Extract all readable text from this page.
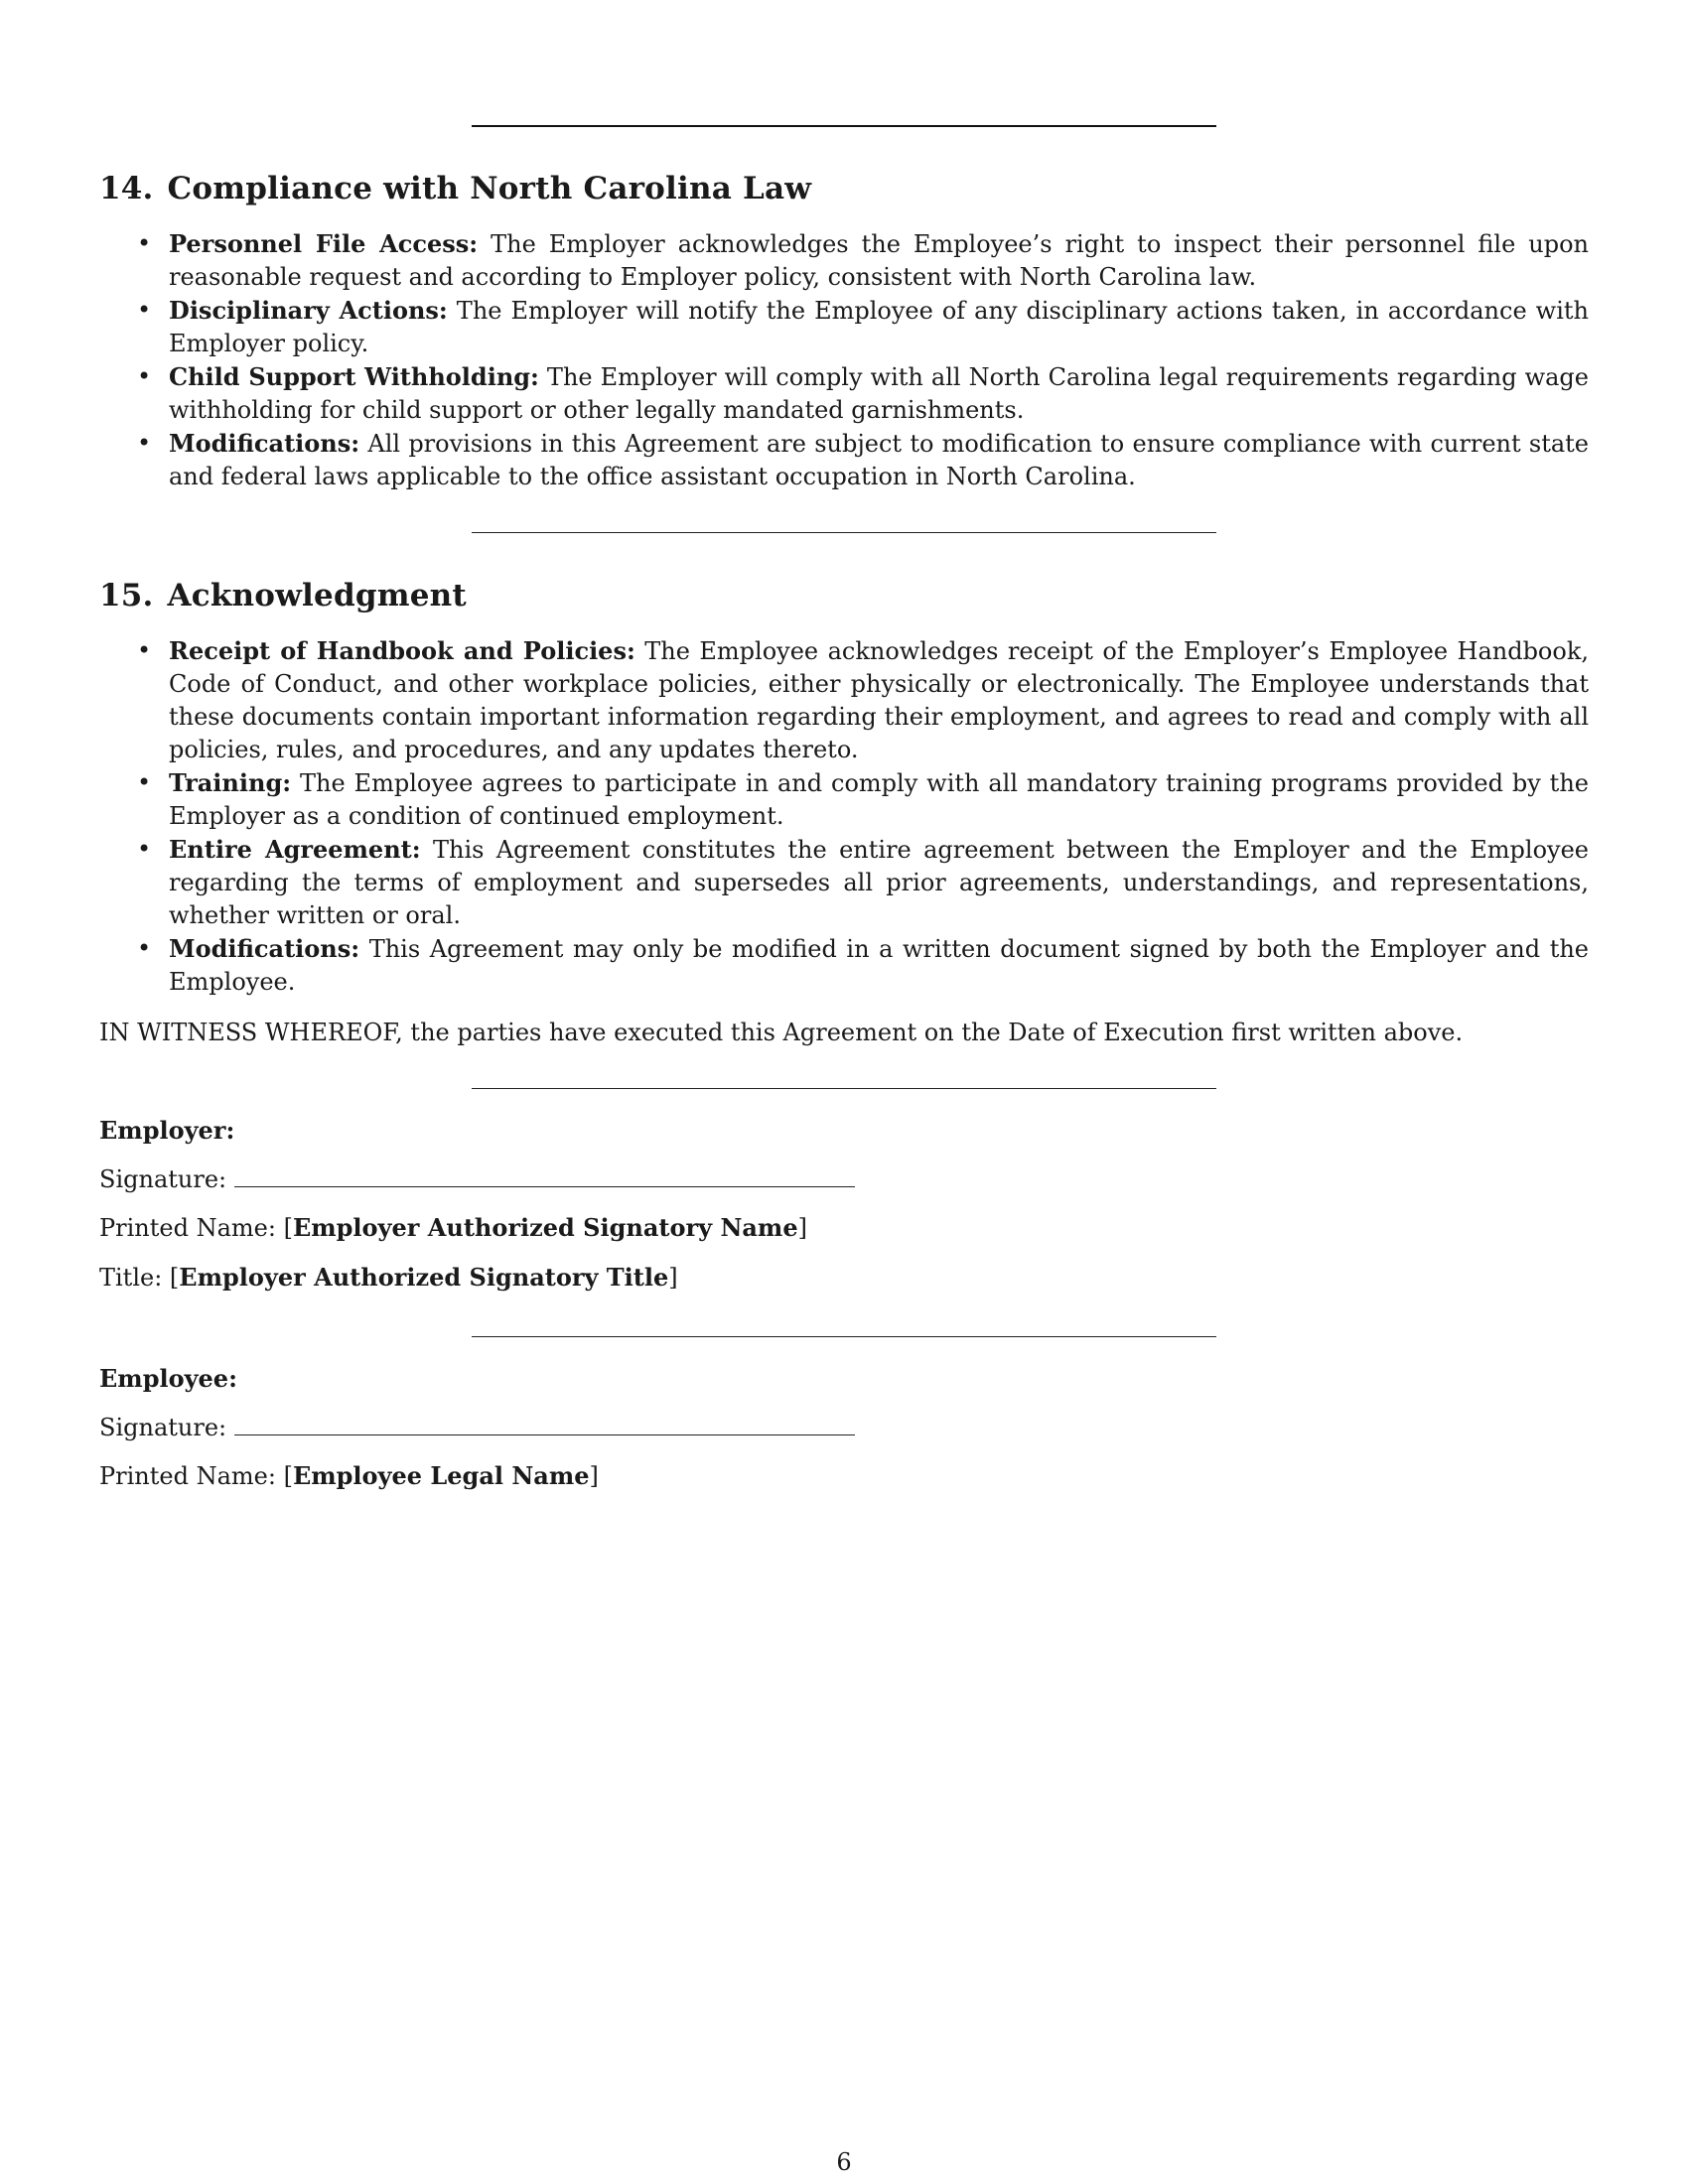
14. Compliance with North Carolina Law
• Personnel File Access: The Employer acknowledges the Employee’s right to inspect their personnel file upon reasonable request and according to Employer policy, consistent with North Carolina law.
• Disciplinary Actions: The Employer will notify the Employee of any disciplinary actions taken, in accordance with Employer policy.
• Child Support Withholding: The Employer will comply with all North Carolina legal requirements regarding wage withholding for child support or other legally mandated garnishments.
• Modifications: All provisions in this Agreement are subject to modification to ensure compliance with current state and federal laws applicable to the office assistant occupation in North Carolina.
15. Acknowledgment
• Receipt of Handbook and Policies: The Employee acknowledges receipt of the Employer’s Employee Handbook, Code of Conduct, and other workplace policies, either physically or electronically. The Employee understands that these documents contain important information regarding their employment, and agrees to read and comply with all policies, rules, and procedures, and any updates thereto.
• Training: The Employee agrees to participate in and comply with all mandatory training programs provided by the Employer as a condition of continued employment.
• Entire Agreement: This Agreement constitutes the entire agreement between the Employer and the Employee regarding the terms of employment and supersedes all prior agreements, understandings, and representations, whether written or oral.
• Modifications: This Agreement may only be modified in a written document signed by both the Employer and the Employee.

IN WITNESS WHEREOF, the parties have executed this Agreement on the Date of Execution first written above.

Employer:

Signature:

Printed Name: [Employer Authorized Signatory Name]

Title: [Employer Authorized Signatory Title]

Employee:

Signature:

Printed Name: [Employee Legal Name]

6
